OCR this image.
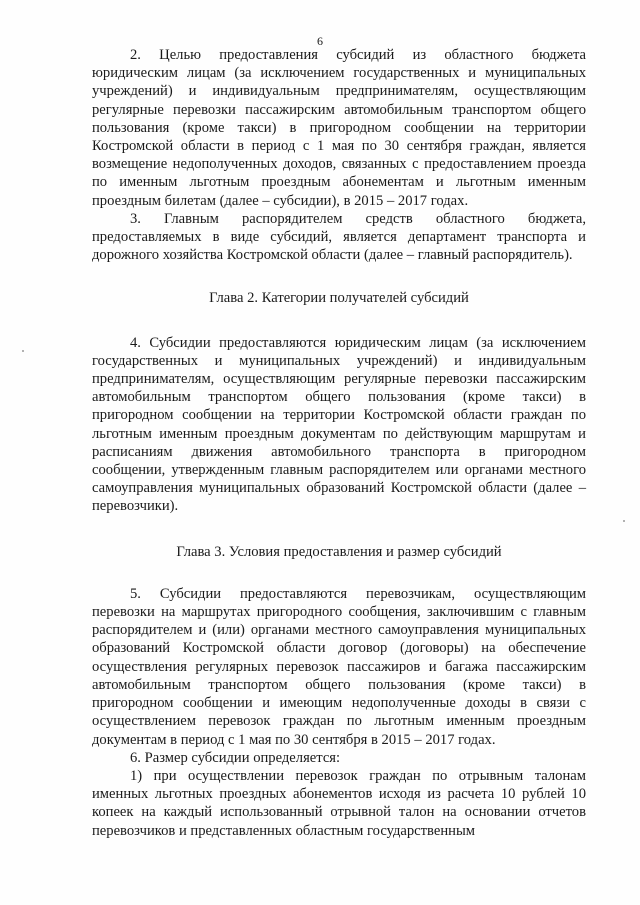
6

2. Целью предоставления субсидий из областного бюджета юридическим лицам (за исключением государственных и муниципальных учреждений) и индивидуальным предпринимателям, осуществляющим регулярные перевозки пассажирским автомобильным транспортом общего пользования (кроме такси) в пригородном сообщении на территории Костромской области в период с 1 мая по 30 сентября граждан, является возмещение недополученных доходов, связанных с предоставлением проезда по именным льготным проездным абонементам и льготным именным проездным билетам (далее – субсидии), в 2015 – 2017 годах.

3. Главным распорядителем средств областного бюджета, предоставляемых в виде субсидий, является департамент транспорта и дорожного хозяйства Костромской области (далее – главный распорядитель).

Глава 2. Категории получателей субсидий

4. Субсидии предоставляются юридическим лицам (за исключением государственных и муниципальных учреждений) и индивидуальным предпринимателям, осуществляющим регулярные перевозки пассажирским автомобильным транспортом общего пользования (кроме такси) в пригородном сообщении на территории Костромской области граждан по льготным именным проездным документам по действующим маршрутам и расписаниям движения автомобильного транспорта в пригородном сообщении, утвержденным главным распорядителем или органами местного самоуправления муниципальных образований Костромской области (далее – перевозчики).

Глава 3. Условия предоставления и размер субсидий

5. Субсидии предоставляются перевозчикам, осуществляющим перевозки на маршрутах пригородного сообщения, заключившим с главным распорядителем и (или) органами местного самоуправления муниципальных образований Костромской области договор (договоры) на обеспечение осуществления регулярных перевозок пассажиров и багажа пассажирским автомобильным транспортом общего пользования (кроме такси) в пригородном сообщении и имеющим недополученные доходы в связи с осуществлением перевозок граждан по льготным именным проездным документам в период с 1 мая по 30 сентября в 2015 – 2017 годах.

6. Размер субсидии определяется:

1) при осуществлении перевозок граждан по отрывным талонам именных льготных проездных абонементов исходя из расчета 10 рублей 10 копеек на каждый использованный отрывной талон на основании отчетов перевозчиков и представленных областным государственным
